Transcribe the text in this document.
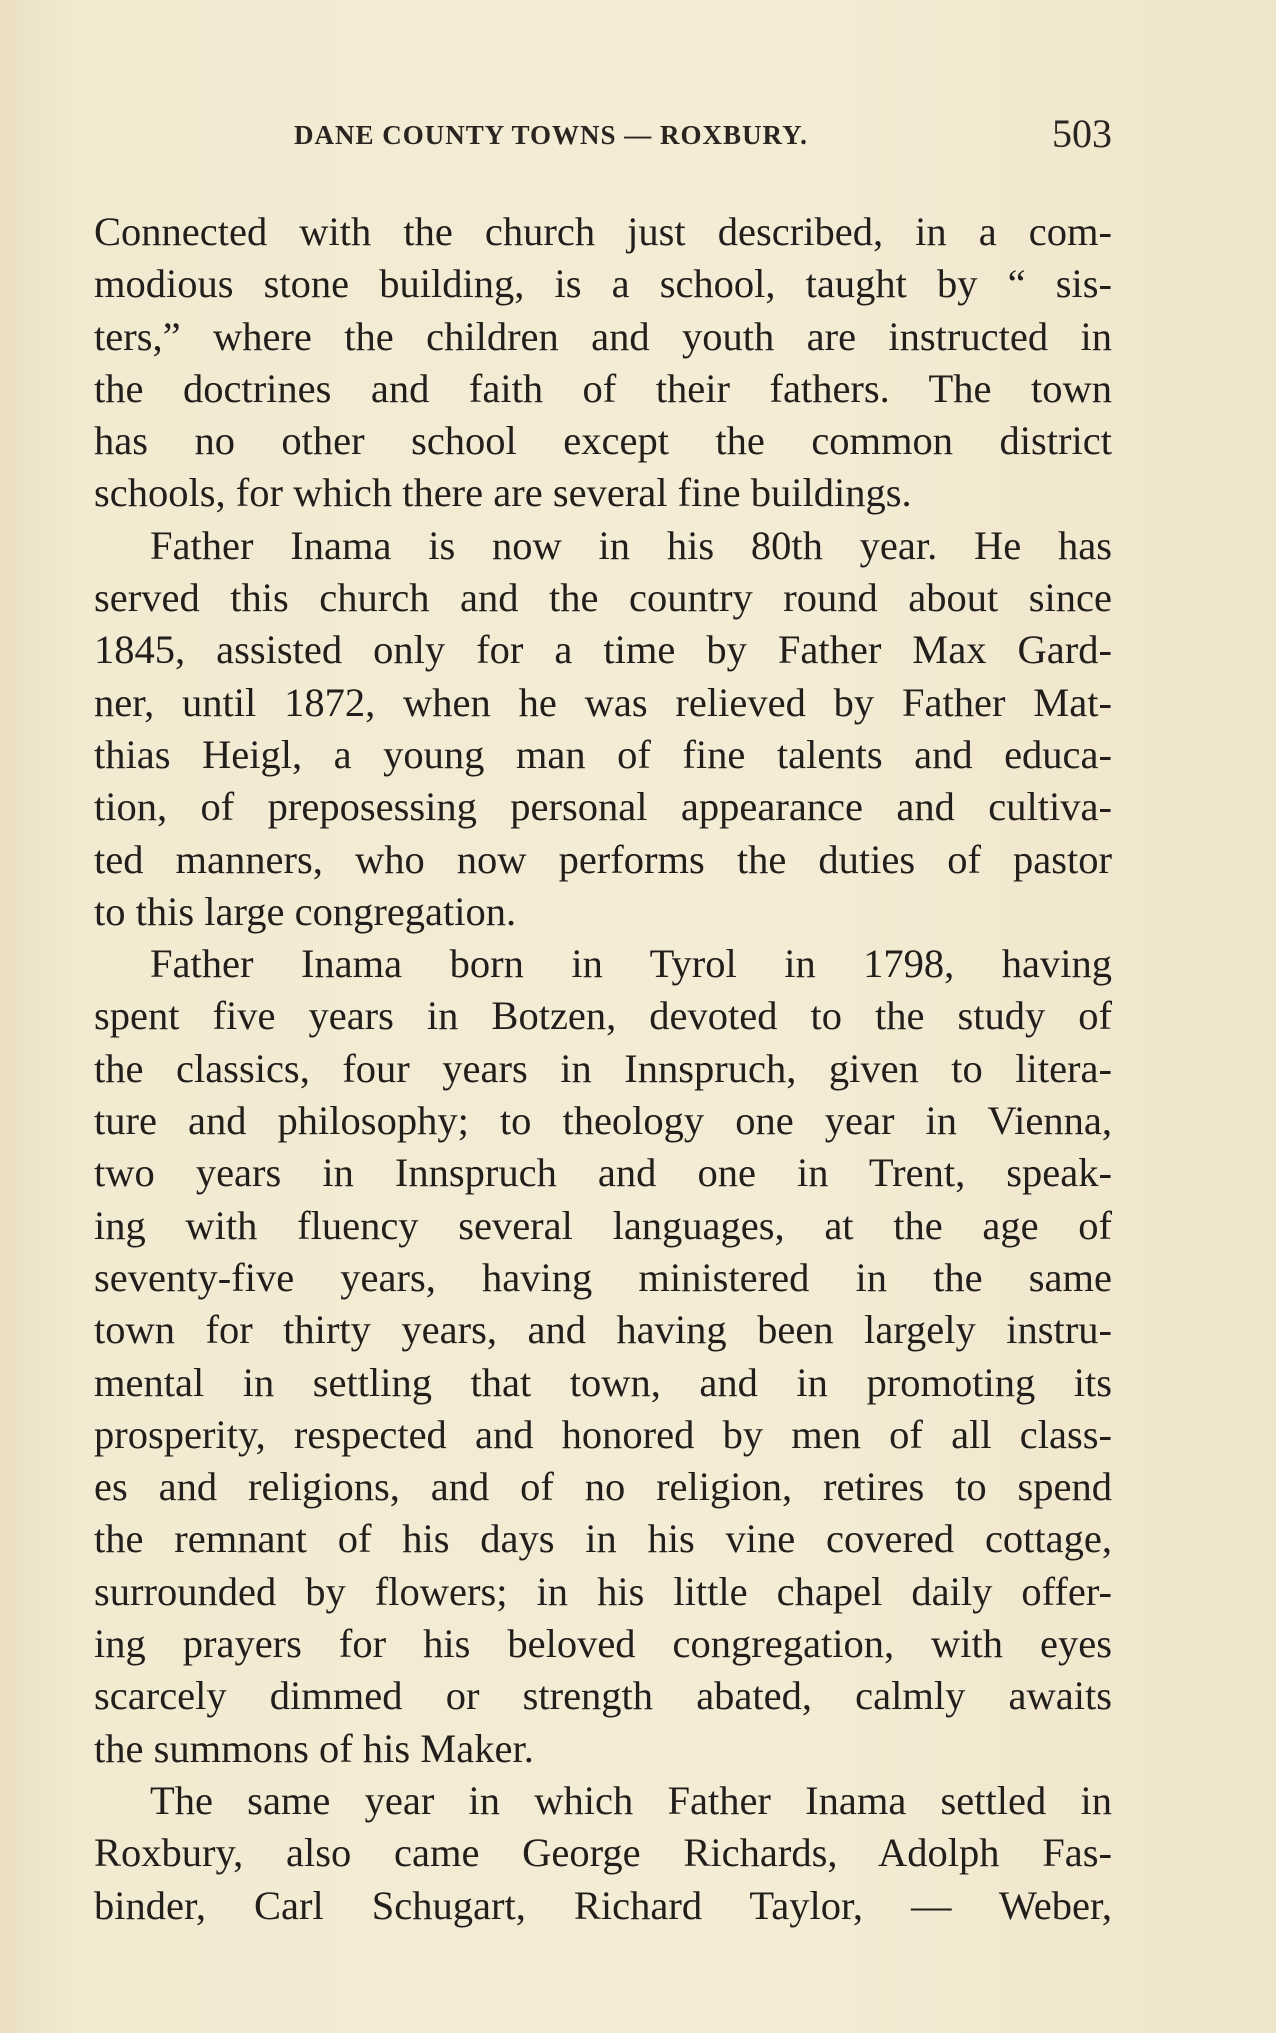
DANE COUNTY TOWNS — ROXBURY.	503
Connected with the church just described, in a com-
modious stone building, is a school, taught by “ sis-
ters,” where the children and youth are instructed in
the doctrines and faith of their fathers. The town
has no other school except the common district
schools, for which there are several fine buildings.
Father Inama is now in his 80th year. He has
served this church and the country round about since
1845, assisted only for a time by Father Max Gard-
ner, until 1872, when he was relieved by Father Mat-
thias Heigl, a young man of fine talents and educa-
tion, of preposessing personal appearance and cultiva-
ted manners, who now performs the duties of pastor
to this large congregation.
Father Inama born in Tyrol in 1798, having
spent five years in Botzen, devoted to the study of
the classics, four years in Innspruch, given to litera-
ture and philosophy; to theology one year in Vienna,
two years in Innspruch and one in Trent, speak-
ing with fluency several languages, at the age of
seventy-five years, having ministered in the same
town for thirty years, and having been largely instru-
mental in settling that town, and in promoting its
prosperity, respected and honored by men of all class-
es and religions, and of no religion, retires to spend
the remnant of his days in his vine covered cottage,
surrounded by flowers; in his little chapel daily offer-
ing prayers for his beloved congregation, with eyes
scarcely dimmed or strength abated, calmly awaits
the summons of his Maker.
The same year in which Father Inama settled in
Roxbury, also came George Richards, Adolph Fas-
binder, Carl Schugart, Richard Taylor, — Weber,
